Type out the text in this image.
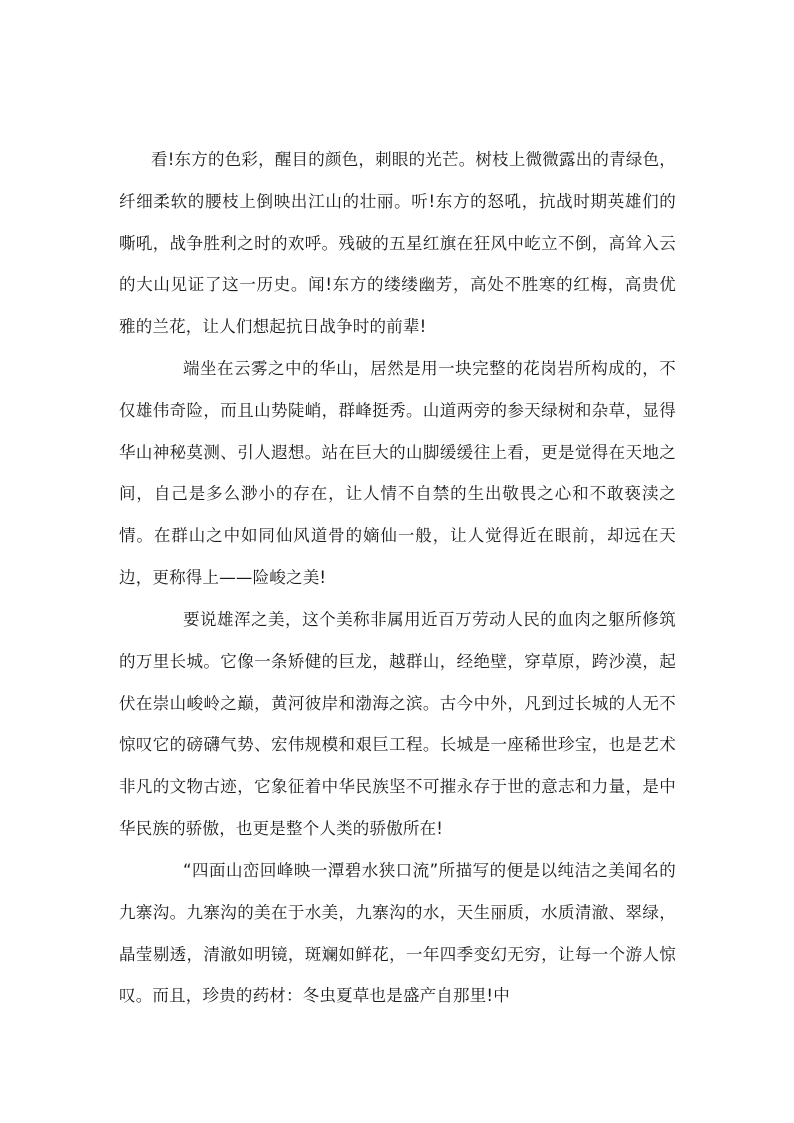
看!东方的色彩，醒目的颜色，刺眼的光芒。树枝上微微露出的青绿色，纤细柔软的腰枝上倒映出江山的壮丽。听!东方的怒吼，抗战时期英雄们的嘶吼，战争胜利之时的欢呼。残破的五星红旗在狂风中屹立不倒，高耸入云的大山见证了这一历史。闻!东方的缕缕幽芳，高处不胜寒的红梅，高贵优雅的兰花，让人们想起抗日战争时的前辈!

端坐在云雾之中的华山，居然是用一块完整的花岗岩所构成的，不仅雄伟奇险，而且山势陡峭，群峰挺秀。山道两旁的参天绿树和杂草，显得华山神秘莫测、引人遐想。站在巨大的山脚缓缓往上看，更是觉得在天地之间，自己是多么渺小的存在，让人情不自禁的生出敬畏之心和不敢亵渎之情。在群山之中如同仙风道骨的嫡仙一般，让人觉得近在眼前，却远在天边，更称得上——险峻之美!

要说雄浑之美，这个美称非属用近百万劳动人民的血肉之躯所修筑的万里长城。它像一条矫健的巨龙，越群山，经绝壁，穿草原，跨沙漠，起伏在崇山峻岭之巅，黄河彼岸和渤海之滨。古今中外，凡到过长城的人无不惊叹它的磅礴气势、宏伟规模和艰巨工程。长城是一座稀世珍宝，也是艺术非凡的文物古迹，它象征着中华民族坚不可摧永存于世的意志和力量，是中华民族的骄傲，也更是整个人类的骄傲所在!

“四面山峦回峰映一潭碧水狭口流”所描写的便是以纯洁之美闻名的九寨沟。九寨沟的美在于水美，九寨沟的水，天生丽质，水质清澈、翠绿，晶莹剔透，清澈如明镜，斑斓如鲜花，一年四季变幻无穷，让每一个游人惊叹。而且，珍贵的药材：冬虫夏草也是盛产自那里!中
